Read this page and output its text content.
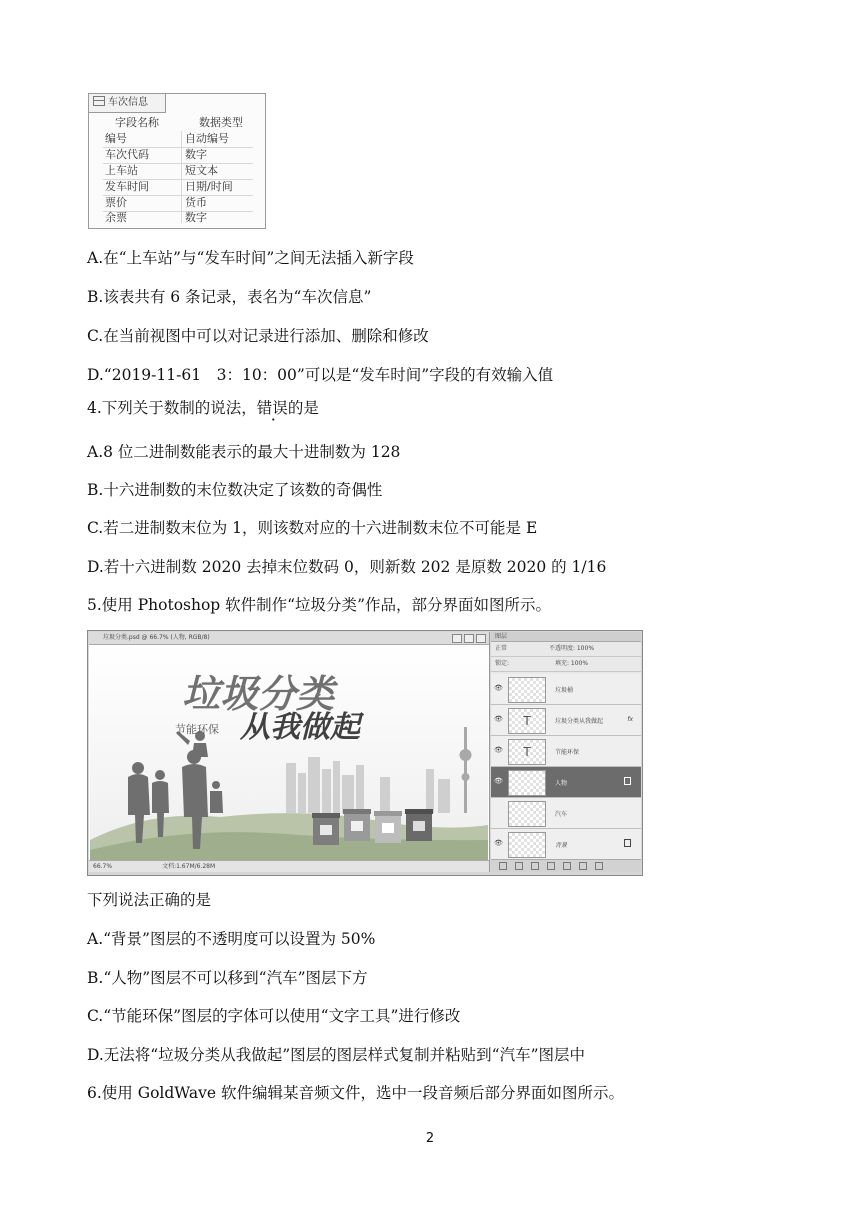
车次信息
字段名称	数据类型
编号	自动编号
车次代码	数字
上车站	短文本
发车时间	日期/时间
票价	货币
余票	数字
A.在“上车站”与“发车时间”之间无法插入新字段
B.该表共有 6 条记录，表名为“车次信息”
C.在当前视图中可以对记录进行添加、删除和修改
D.“2019-11-61　3：10：00”可以是“发车时间”字段的有效输入值
4.下列关于数制的说法，错误的是
A.8 位二进制数能表示的最大十进制数为 128
B.十六进制数的末位数决定了该数的奇偶性
C.若二进制数末位为 1，则该数对应的十六进制数末位不可能是 E
D.若十六进制数 2020 去掉末位数码 0，则新数 202 是原数 2020 的 1/16
5.使用 Photoshop 软件制作“垃圾分类”作品，部分界面如图所示。
垃圾分类.psd @ 66.7% (人物, RGB/8)
垃圾分类
节能环保 从我做起
66.7%	文档:1.67M/6.28M
图层
正常	不透明度: 100%
锁定:	填充: 100%
👁	垃圾桶
👁	T	垃圾分类从我做起	fx
👁	T	节能环保
👁	人物
汽车
👁	背景
下列说法正确的是
A.“背景”图层的不透明度可以设置为 50%
B.“人物”图层不可以移到“汽车”图层下方
C.“节能环保”图层的字体可以使用“文字工具”进行修改
D.无法将“垃圾分类从我做起”图层的图层样式复制并粘贴到“汽车”图层中
6.使用 GoldWave 软件编辑某音频文件，选中一段音频后部分界面如图所示。
2
